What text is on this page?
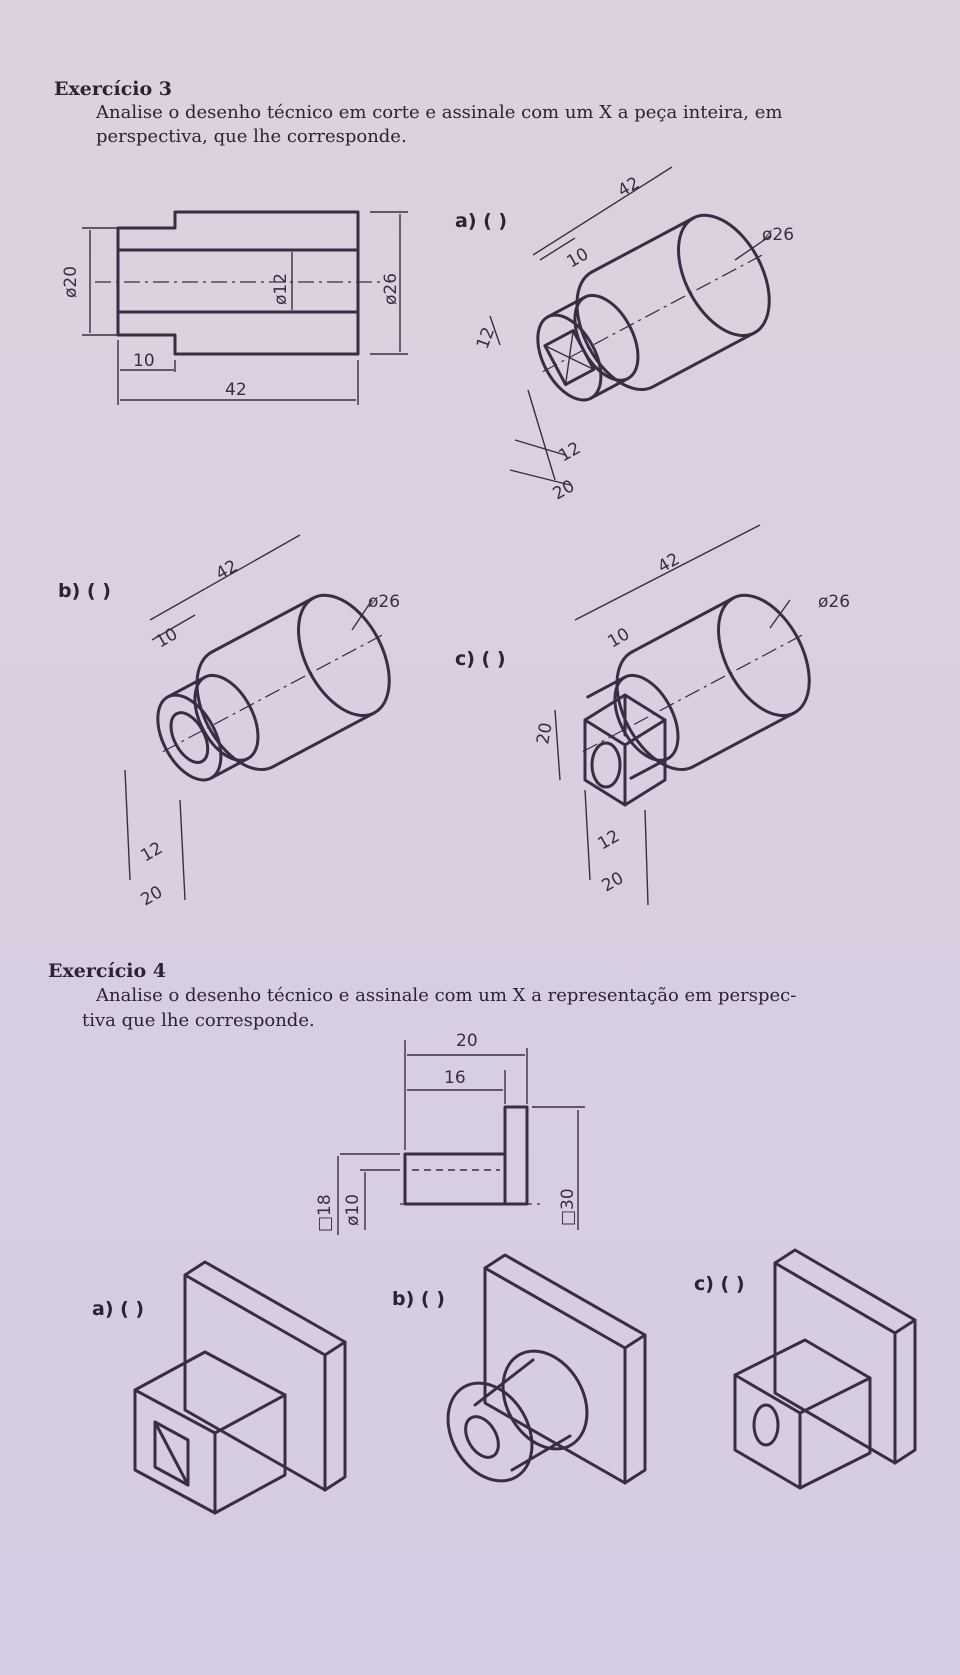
Exercício 3
Analise o desenho técnico em corte e assinale com um X a peça inteira, em
perspectiva, que lhe corresponde.
ø20	ø12	ø26
10
42
a) ( )
42
ø26
10
12
12
20
b) ( )
42
ø26
10
12
20
c) ( )
42
ø26
10
20
12
20
Exercício 4
Analise o desenho técnico e assinale com um X a representação em perspec-
tiva que lhe corresponde.
20
16
□18 ø10	□30
a) ( )	b) ( )
c) ( )
